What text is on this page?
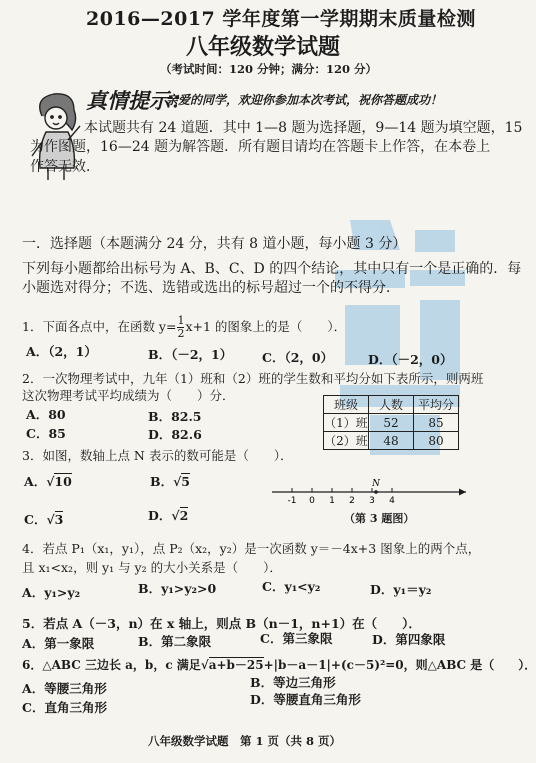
2016—2017 学年度第一学期期末质量检测
八年级数学试题
（考试时间：120 分钟；满分：120 分）
真情提示：
亲爱的同学，欢迎你参加本次考试，祝你答题成功！
本试题共有 24 道题．其中 1—8 题为选择题，9—14 题为填空题，15
为作图题，16—24 题为解答题．所有题目请均在答题卡上作答，在本卷上
作答无效．
一．选择题（本题满分 24 分，共有 8 道小题，每小题 3 分）
下列每小题都给出标号为 A、B、C、D 的四个结论，其中只有一个是正确的．每
小题选对得分；不选、选错或选出的标号超过一个的不得分．
1．下面各点中，在函数 $y= \frac{1}{2} x+1$ 的图象上的是（　　）．
A．（2，1）	B．（－2，1） C．（2，0）	D．（－2，0）
2．一次物理考试中，九年（1）班和（2）班的学生数和平均分如下表所示，则两班
这次物理考试平均成绩为（　　）分．
A．80	B．82.5
C．85	D．82.6
班级	人数	平均分
（1）班	52	85
（2）班	48	80
3．如图，数轴上点 N 表示的数可能是（　　）．
A．√10	B．√5
C．√3	D．√2
-1 0 1 2 3 4
N
（第 3 题图）
4．若点 P₁（x₁，y₁），点 P₂（x₂，y₂）是一次函数 y＝－4x+3 图象上的两个点，
且 x₁<x₂，则 y₁ 与 y₂ 的大小关系是（　　）．
A．y₁>y₂	B．y₁>y₂>0	C．y₁<y₂	D．y₁＝y₂
5．若点 A（－3，n）在 x 轴上，则点 B（n－1，n+1）在（　　）．
A．第一象限	B．第二象限	C．第三象限	D．第四象限
6．△ABC 三边长 a，b，c 满足√a+b－25+|b－a－1|+(c－5)²=0，则△ABC 是（　　）．
A．等腰三角形	B．等边三角形
C．直角三角形
D．等腰直角三角形
八年级数学试题　第 1 页（共 8 页）
